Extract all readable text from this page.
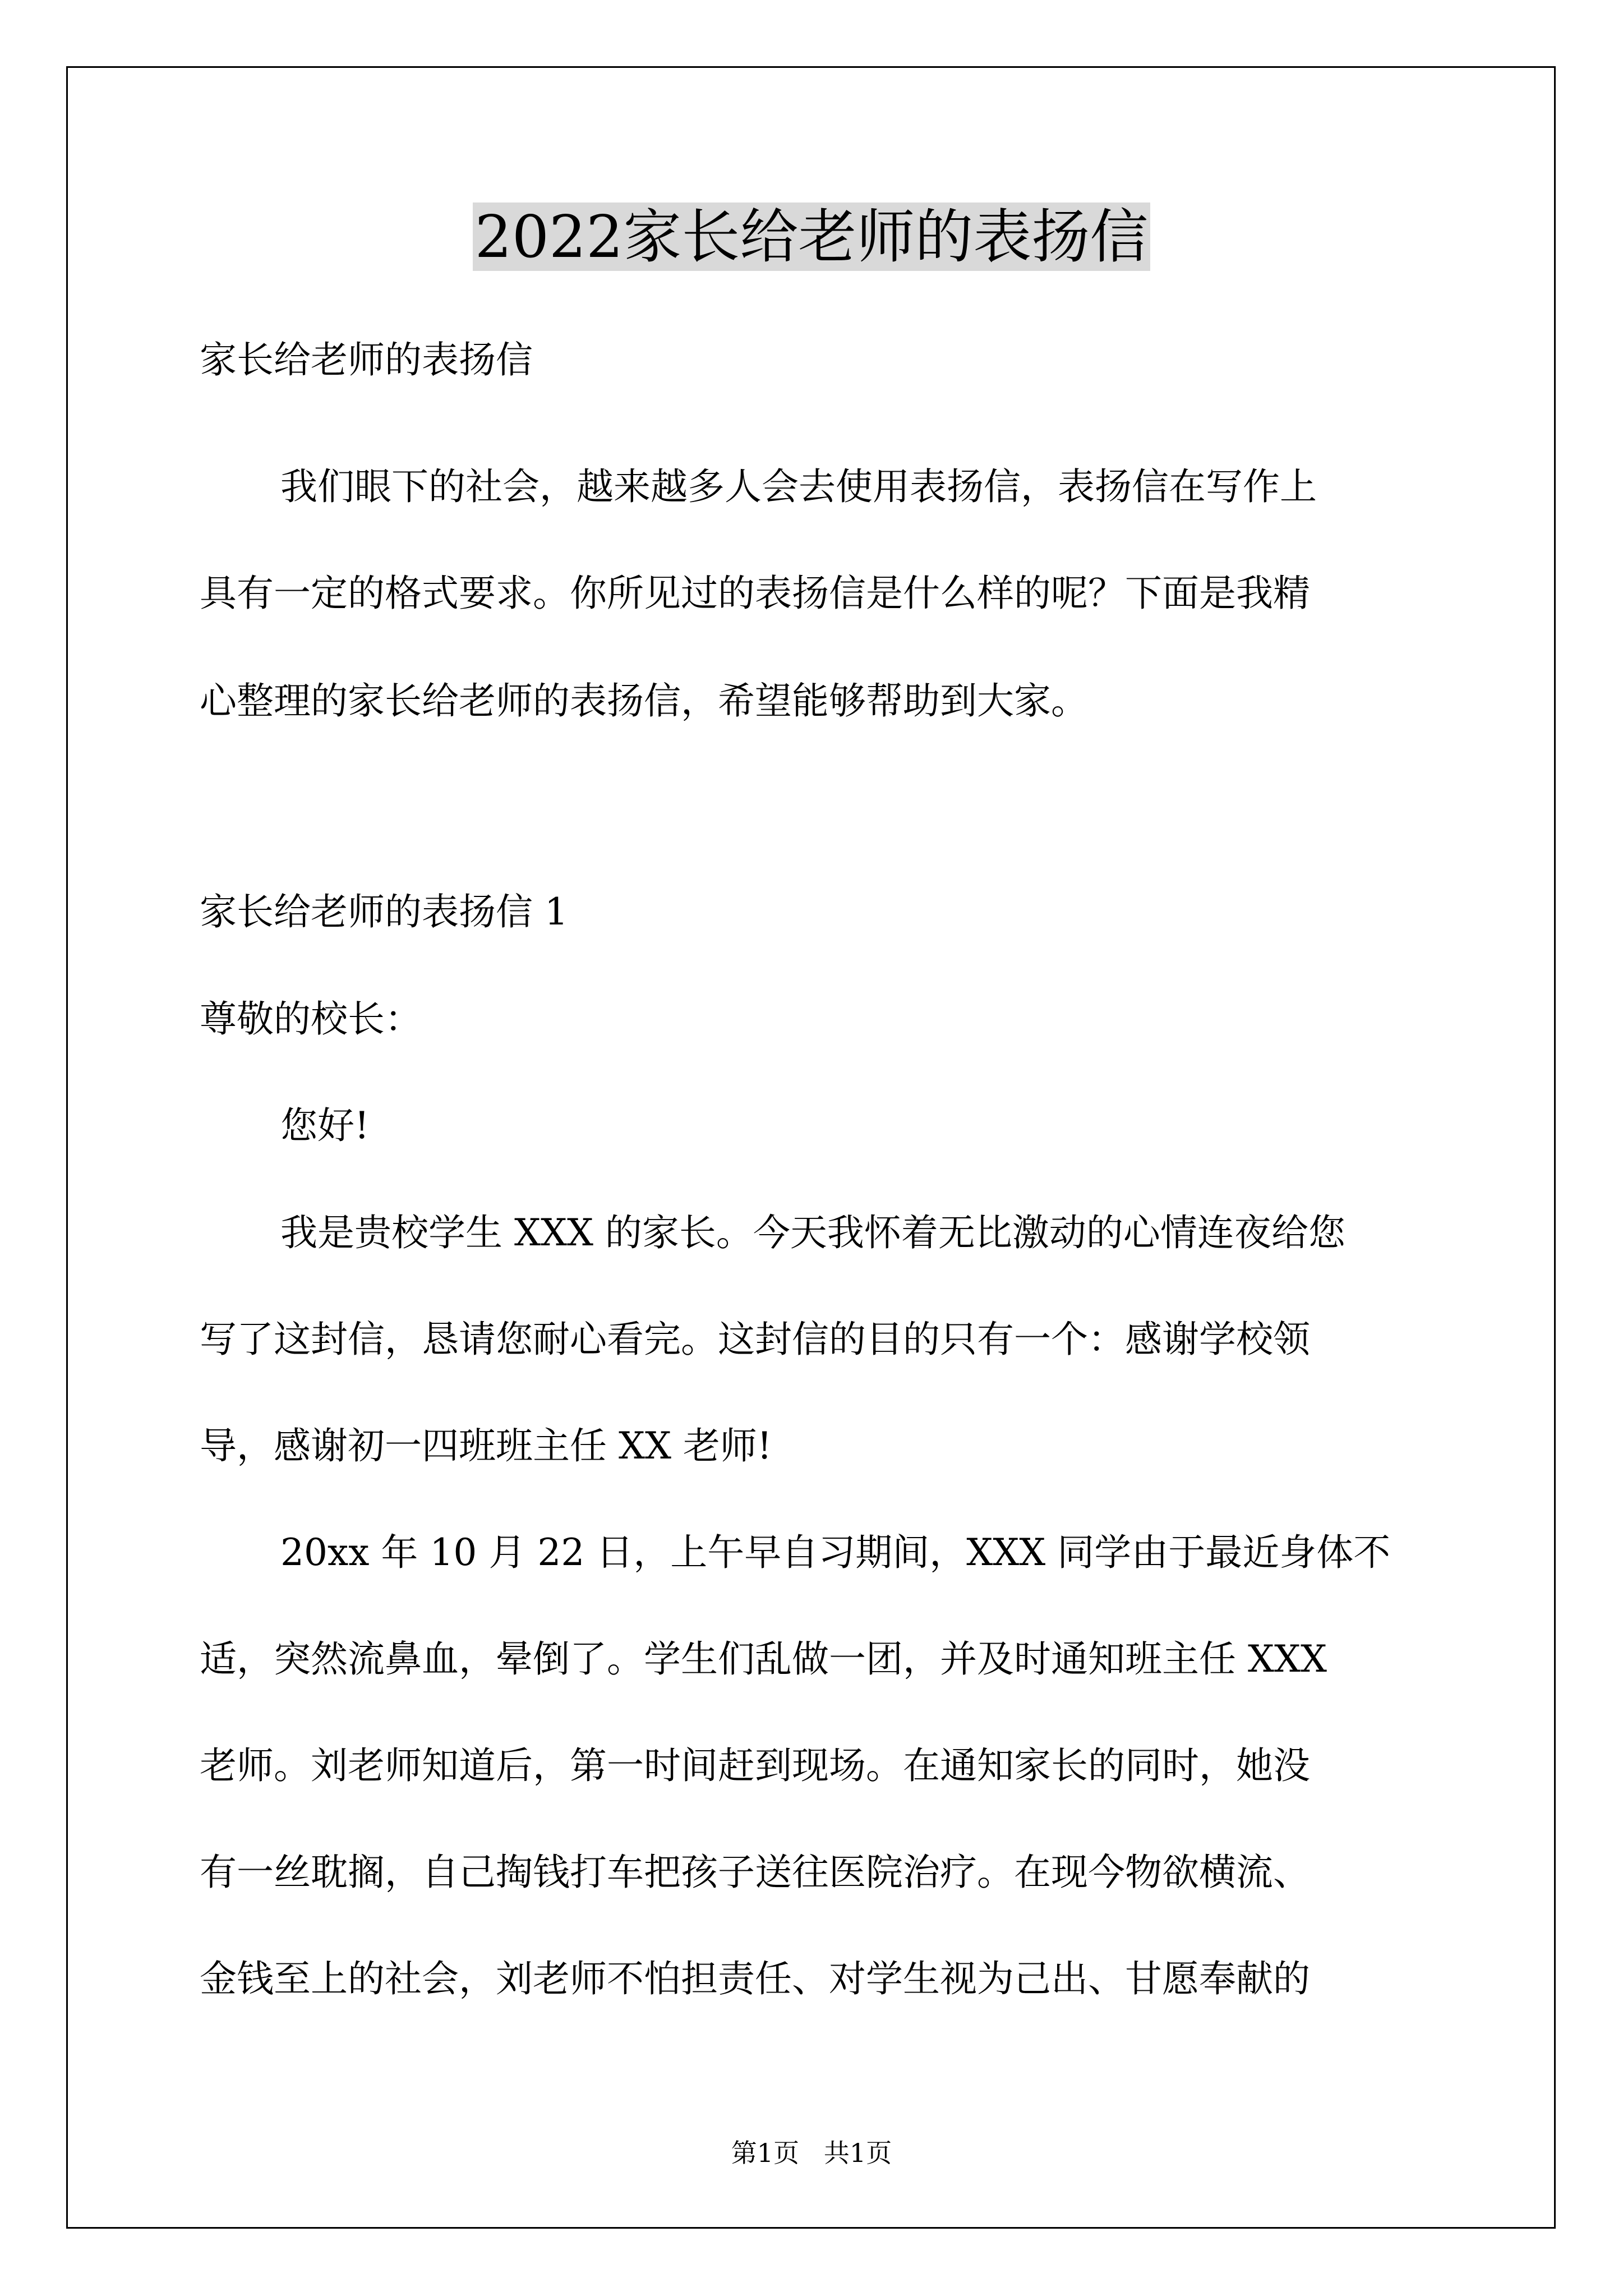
2022家长给老师的表扬信

家长给老师的表扬信

我们眼下的社会，越来越多人会去使用表扬信，表扬信在写作上

具有一定的格式要求。你所见过的表扬信是什么样的呢？下面是我精

心整理的家长给老师的表扬信，希望能够帮助到大家。

家长给老师的表扬信 1

尊敬的校长：

您好!

我是贵校学生 XXX 的家长。今天我怀着无比激动的心情连夜给您

写了这封信，恳请您耐心看完。这封信的目的只有一个：感谢学校领

导，感谢初一四班班主任 XX 老师!

20xx 年 10 月 22 日，上午早自习期间，XXX 同学由于最近身体不

适，突然流鼻血，晕倒了。学生们乱做一团，并及时通知班主任 XXX

老师。刘老师知道后，第一时间赶到现场。在通知家长的同时，她没

有一丝耽搁，自己掏钱打车把孩子送往医院治疗。在现今物欲横流、

金钱至上的社会，刘老师不怕担责任、对学生视为己出、甘愿奉献的

第1页   共1页
